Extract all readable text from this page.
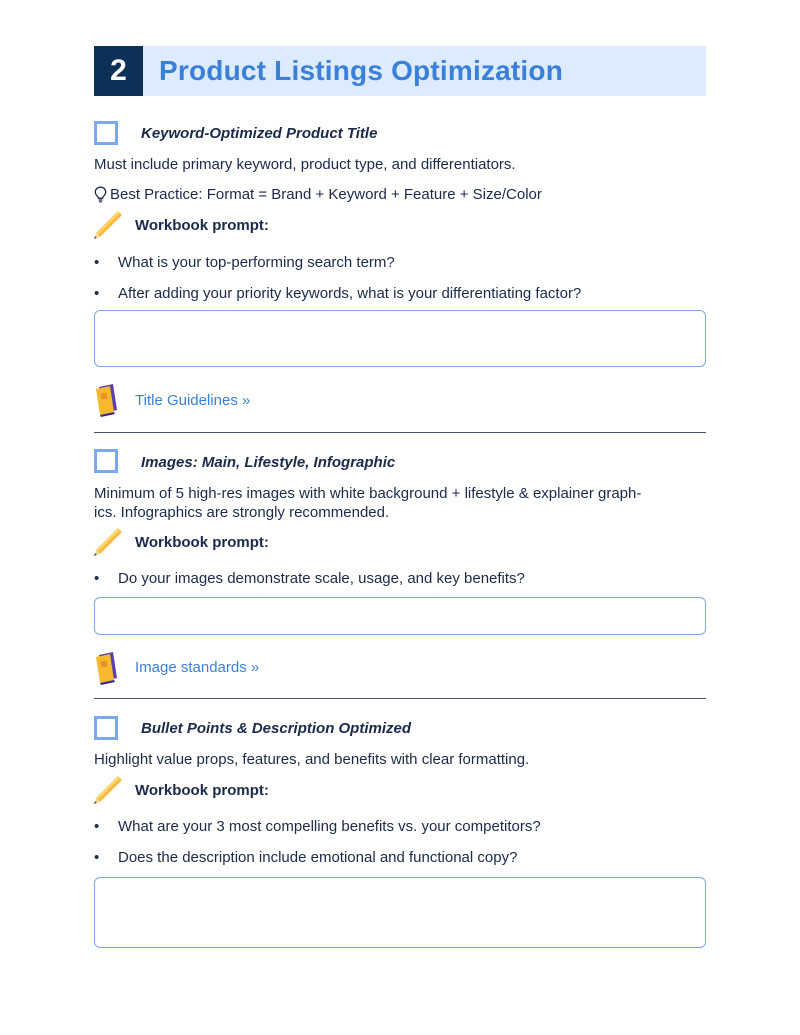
2	Product Listings Optimization
Keyword-Optimized Product Title
Must include primary keyword, product type, and differentiators.
Best Practice: Format = Brand + Keyword + Feature + Size/Color
Workbook prompt:
•	What is your top-performing search term?
•	After adding your priority keywords, what is your differentiating factor?
Title Guidelines »
Images: Main, Lifestyle, Infographic
Minimum of 5 high-res images with white background + lifestyle & explainer graph-
ics. Infographics are strongly recommended.
Workbook prompt:
•	Do your images demonstrate scale, usage, and key benefits?
Image standards »
Bullet Points & Description Optimized
Highlight value props, features, and benefits with clear formatting.
Workbook prompt:
•	What are your 3 most compelling benefits vs. your competitors?
•	Does the description include emotional and functional copy?
